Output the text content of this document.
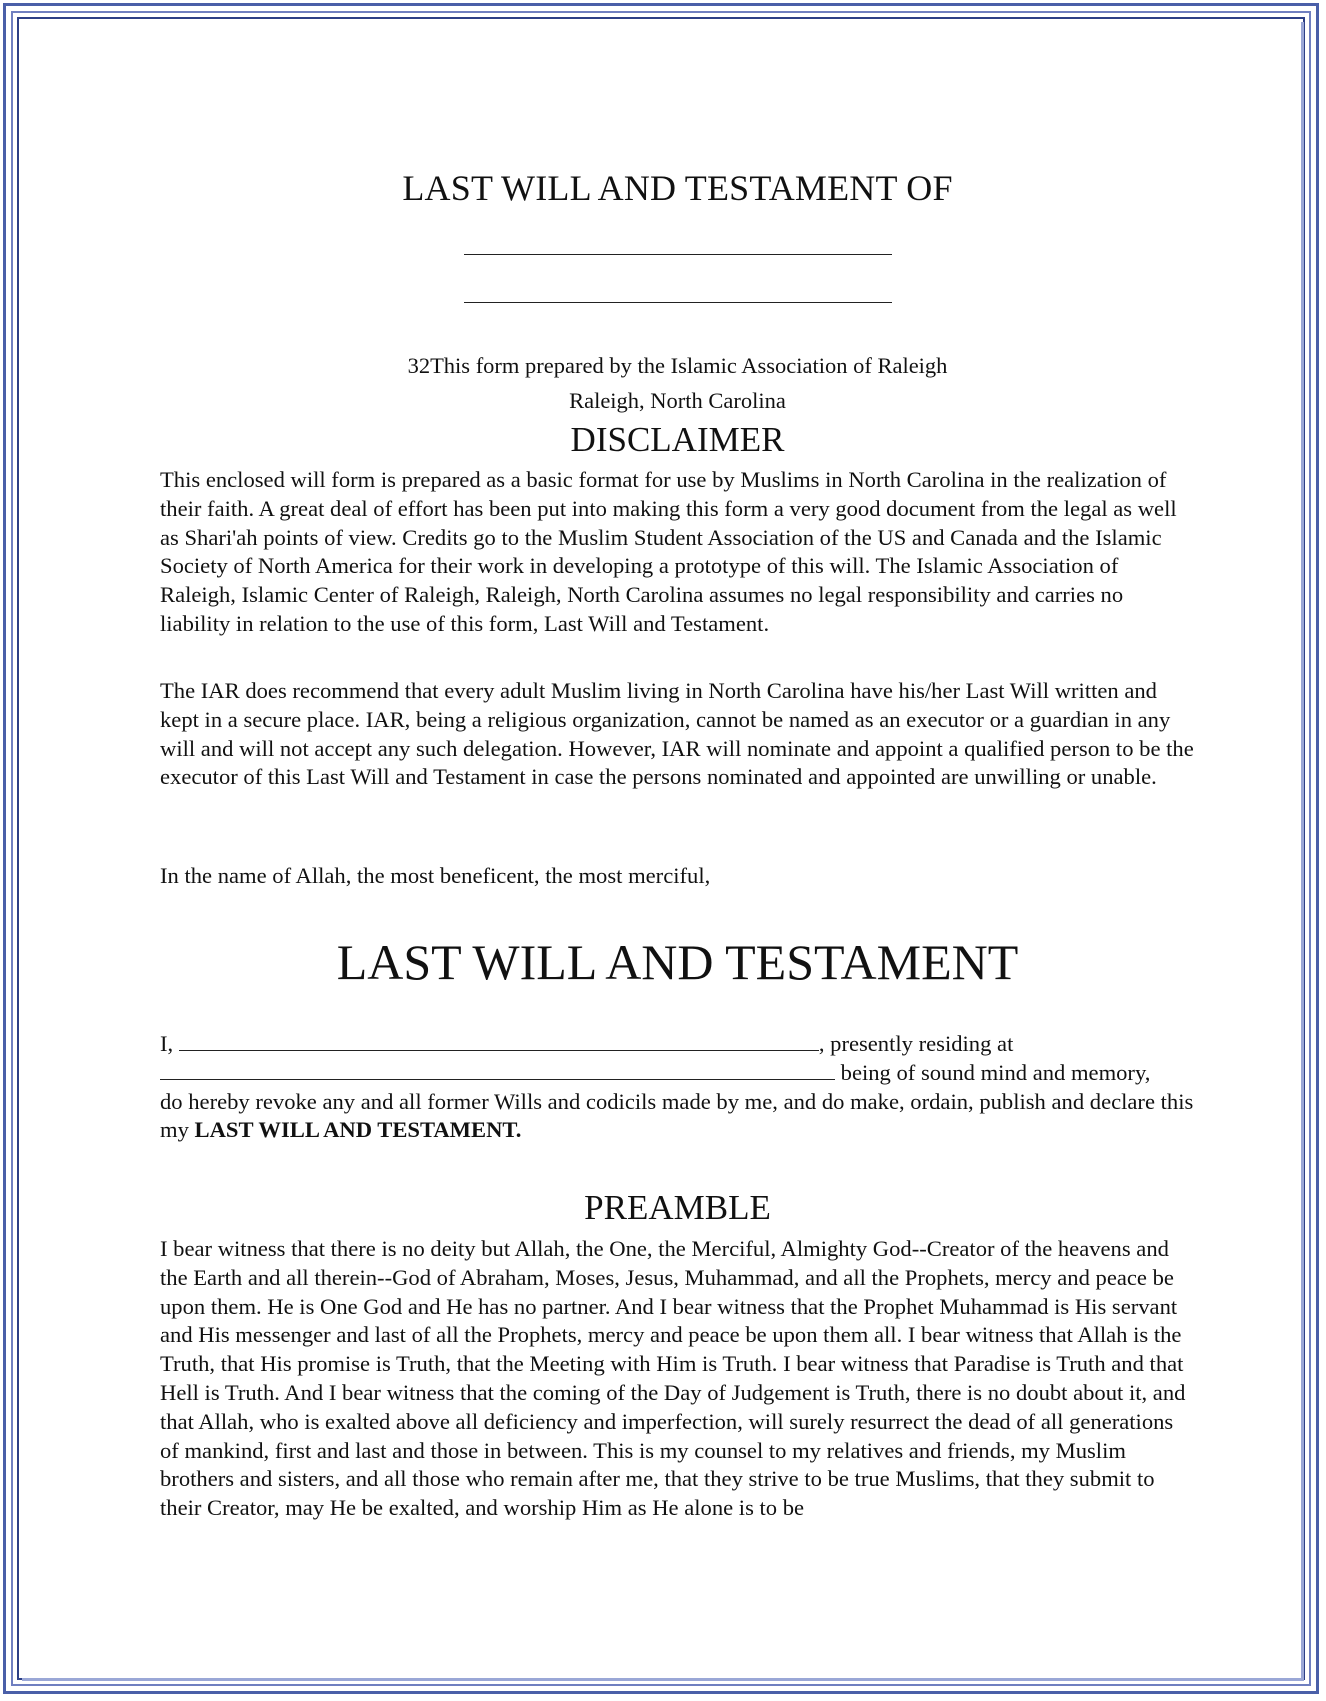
LAST WILL AND TESTAMENT OF
32This form prepared by the Islamic Association of Raleigh
Raleigh, North Carolina
DISCLAIMER

This enclosed will form is prepared as a basic format for use by Muslims in North Carolina in the realization of their faith. A great deal of effort has been put into making this form a very good document from the legal as well as Shari'ah points of view. Credits go to the Muslim Student Association of the US and Canada and the Islamic Society of North America for their work in developing a prototype of this will. The Islamic Association of Raleigh, Islamic Center of Raleigh, Raleigh, North Carolina assumes no legal responsibility and carries no liability in relation to the use of this form, Last Will and Testament.

The IAR does recommend that every adult Muslim living in North Carolina have his/her Last Will written and kept in a secure place. IAR, being a religious organization, cannot be named as an executor or a guardian in any will and will not accept any such delegation. However, IAR will nominate and appoint a qualified person to be the executor of this Last Will and Testament in case the persons nominated and appointed are unwilling or unable.

In the name of Allah, the most beneficent, the most merciful,

LAST WILL AND TESTAMENT
I,	, presently residing at
being of sound mind and memory,
do hereby revoke any and all former Wills and codicils made by me, and do make, ordain, publish and declare this my LAST WILL AND TESTAMENT.
PREAMBLE

I bear witness that there is no deity but Allah, the One, the Merciful, Almighty God--Creator of the heavens and the Earth and all therein--God of Abraham, Moses, Jesus, Muhammad, and all the Prophets, mercy and peace be upon them. He is One God and He has no partner. And I bear witness that the Prophet Muhammad is His servant and His messenger and last of all the Prophets, mercy and peace be upon them all. I bear witness that Allah is the Truth, that His promise is Truth, that the Meeting with Him is Truth. I bear witness that Paradise is Truth and that Hell is Truth. And I bear witness that the coming of the Day of Judgement is Truth, there is no doubt about it, and that Allah, who is exalted above all deficiency and imperfection, will surely resurrect the dead of all generations of mankind, first and last and those in between. This is my counsel to my relatives and friends, my Muslim brothers and sisters, and all those who remain after me, that they strive to be true Muslims, that they submit to their Creator, may He be exalted, and worship Him as He alone is to be
